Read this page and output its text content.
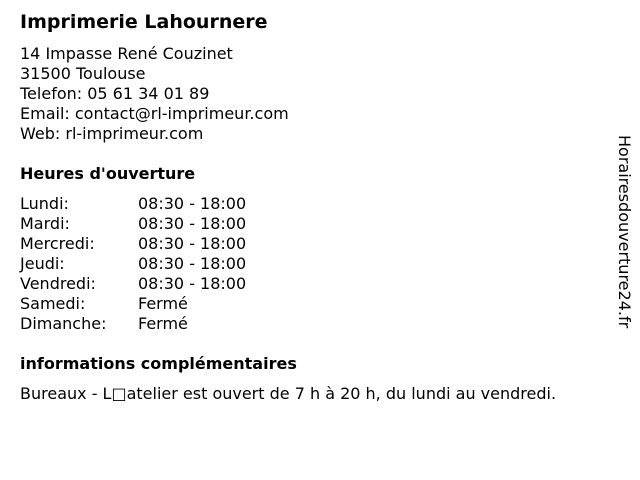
Imprimerie Lahournere
14 Impasse René Couzinet
31500 Toulouse
Telefon: 05 61 34 01 89
Email: contact@rl-imprimeur.com
Web: rl-imprimeur.com
Heures d'ouverture
Lundi:	08:30 - 18:00
Mardi:	08:30 - 18:00
Mercredi:	08:30 - 18:00
Jeudi:	08:30 - 18:00
Vendredi:	08:30 - 18:00
Samedi:	Fermé
Dimanche: Fermé
informations complémentaires
Bureaux - L□atelier est ouvert de 7 h à 20 h, du lundi au vendredi.
Horairesdouverture24.fr
